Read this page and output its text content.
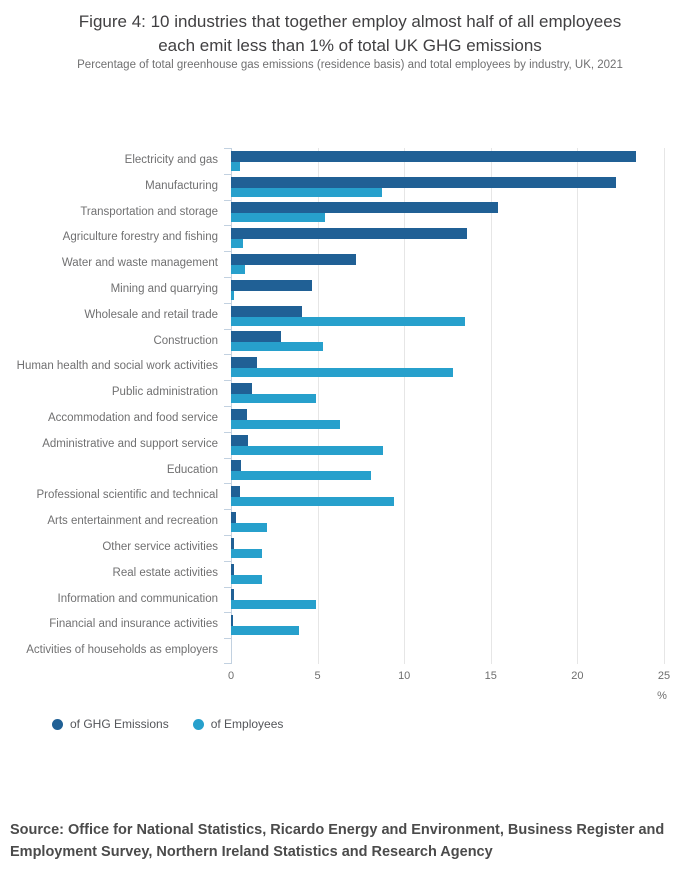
Figure 4: 10 industries that together employ almost half of all employees
each emit less than 1% of total UK GHG emissions
Percentage of total greenhouse gas emissions (residence basis) and total employees by industry, UK, 2021
Electricity and gas
Manufacturing
Transportation and storage
Agriculture forestry and fishing
Water and waste management
Mining and quarrying
Wholesale and retail trade
Construction
Human health and social work activities
Public administration
Accommodation and food service
Administrative and support service
Education
Professional scientific and technical
Arts entertainment and recreation
Other service activities
Real estate activities
Information and communication
Financial and insurance activities
Activities of households as employers
0	5	10	15	20	25
%
of GHG Emissions	of Employees
Source: Office for National Statistics, Ricardo Energy and Environment, Business Register and
Employment Survey, Northern Ireland Statistics and Research Agency
